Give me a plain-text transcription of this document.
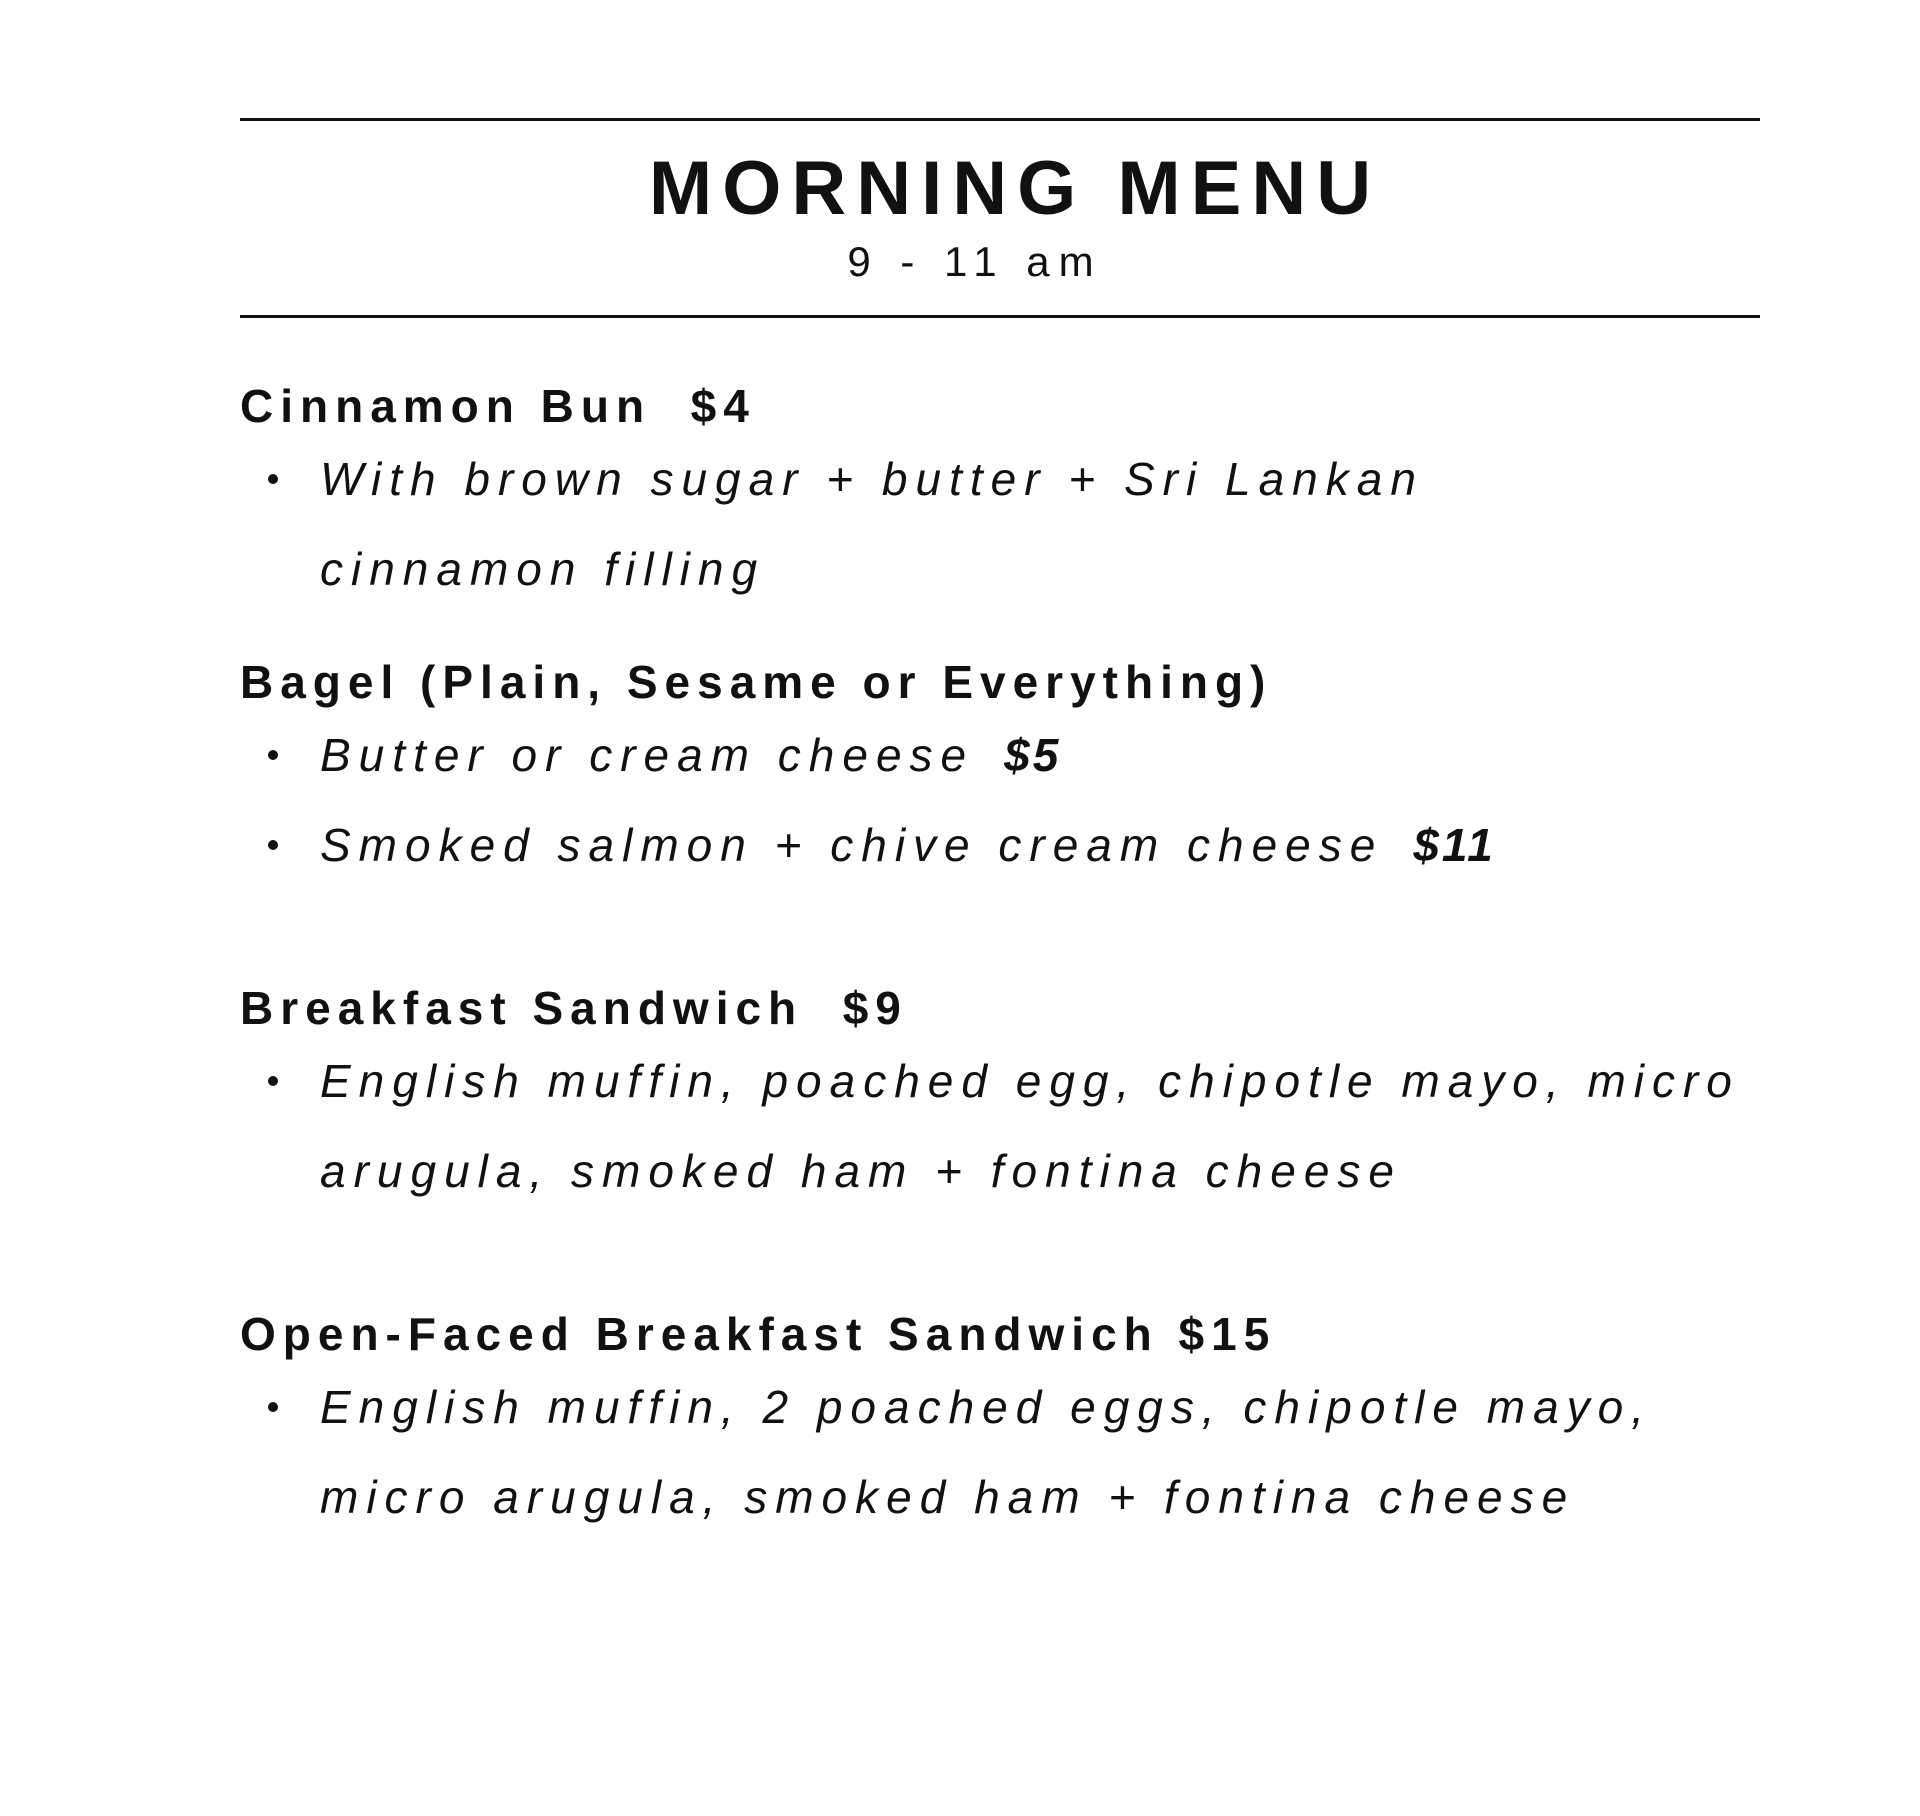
MORNING MENU
9 - 11 am
Cinnamon Bun  $4
With brown sugar + butter + Sri Lankan cinnamon filling
Bagel (Plain, Sesame or Everything)
Butter or cream cheese $5
Smoked salmon + chive cream cheese $11
Breakfast Sandwich  $9
English muffin, poached egg, chipotle mayo, micro arugula, smoked ham + fontina cheese
Open-Faced Breakfast Sandwich $15
English muffin, 2 poached eggs, chipotle mayo, micro arugula, smoked ham + fontina cheese
